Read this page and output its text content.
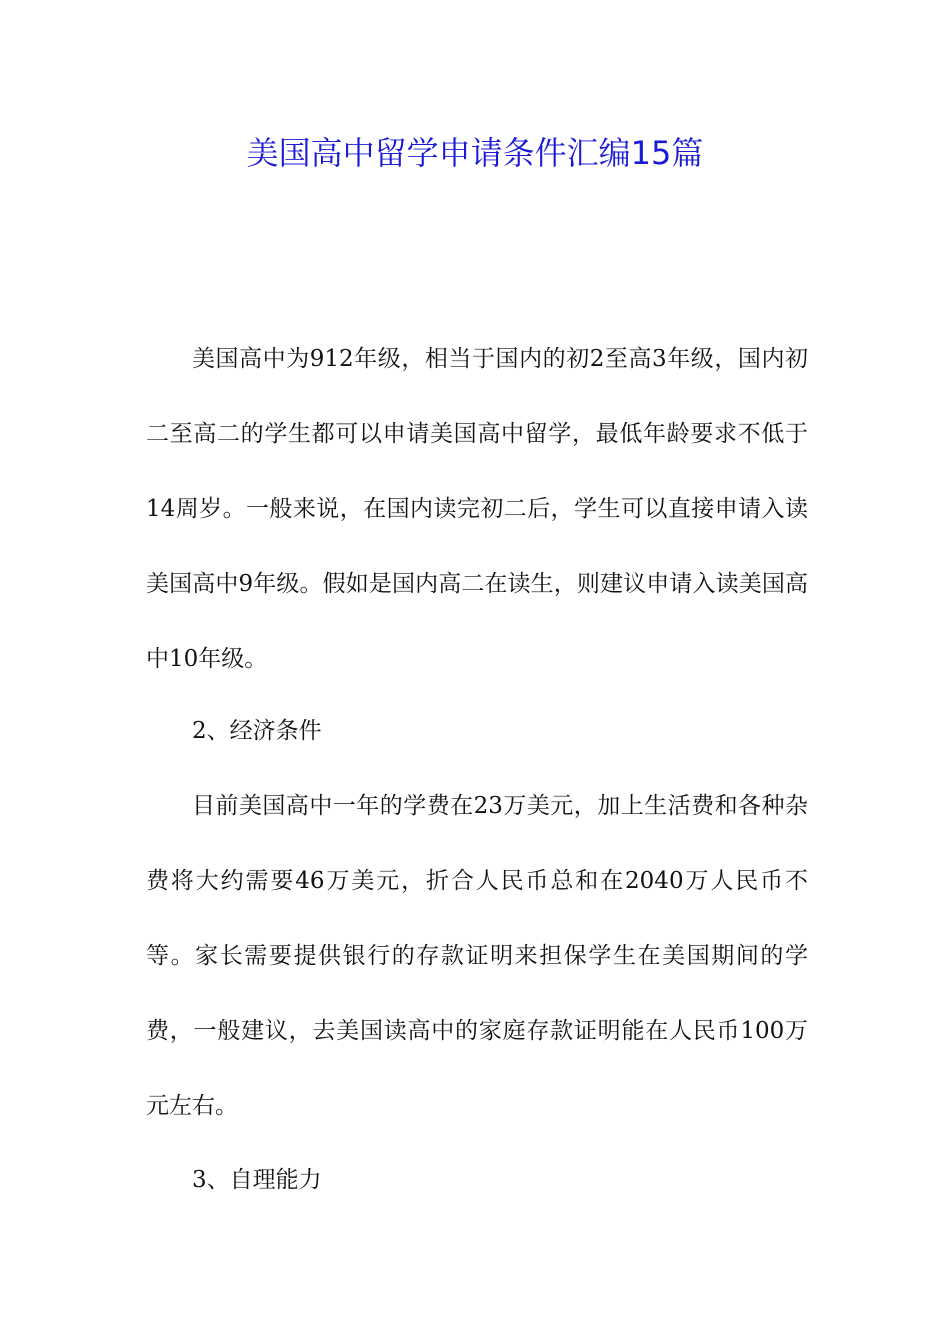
美国高中留学申请条件汇编15篇

美国高中为912年级，相当于国内的初2至高3年级，国内初二至高二的学生都可以申请美国高中留学，最低年龄要求不低于14周岁。一般来说，在国内读完初二后，学生可以直接申请入读美国高中9年级。假如是国内高二在读生，则建议申请入读美国高中10年级。

2、经济条件

目前美国高中一年的学费在23万美元，加上生活费和各种杂费将大约需要46万美元，折合人民币总和在2040万人民币不等。家长需要提供银行的存款证明来担保学生在美国期间的学费，一般建议，去美国读高中的家庭存款证明能在人民币100万元左右。

3、自理能力
